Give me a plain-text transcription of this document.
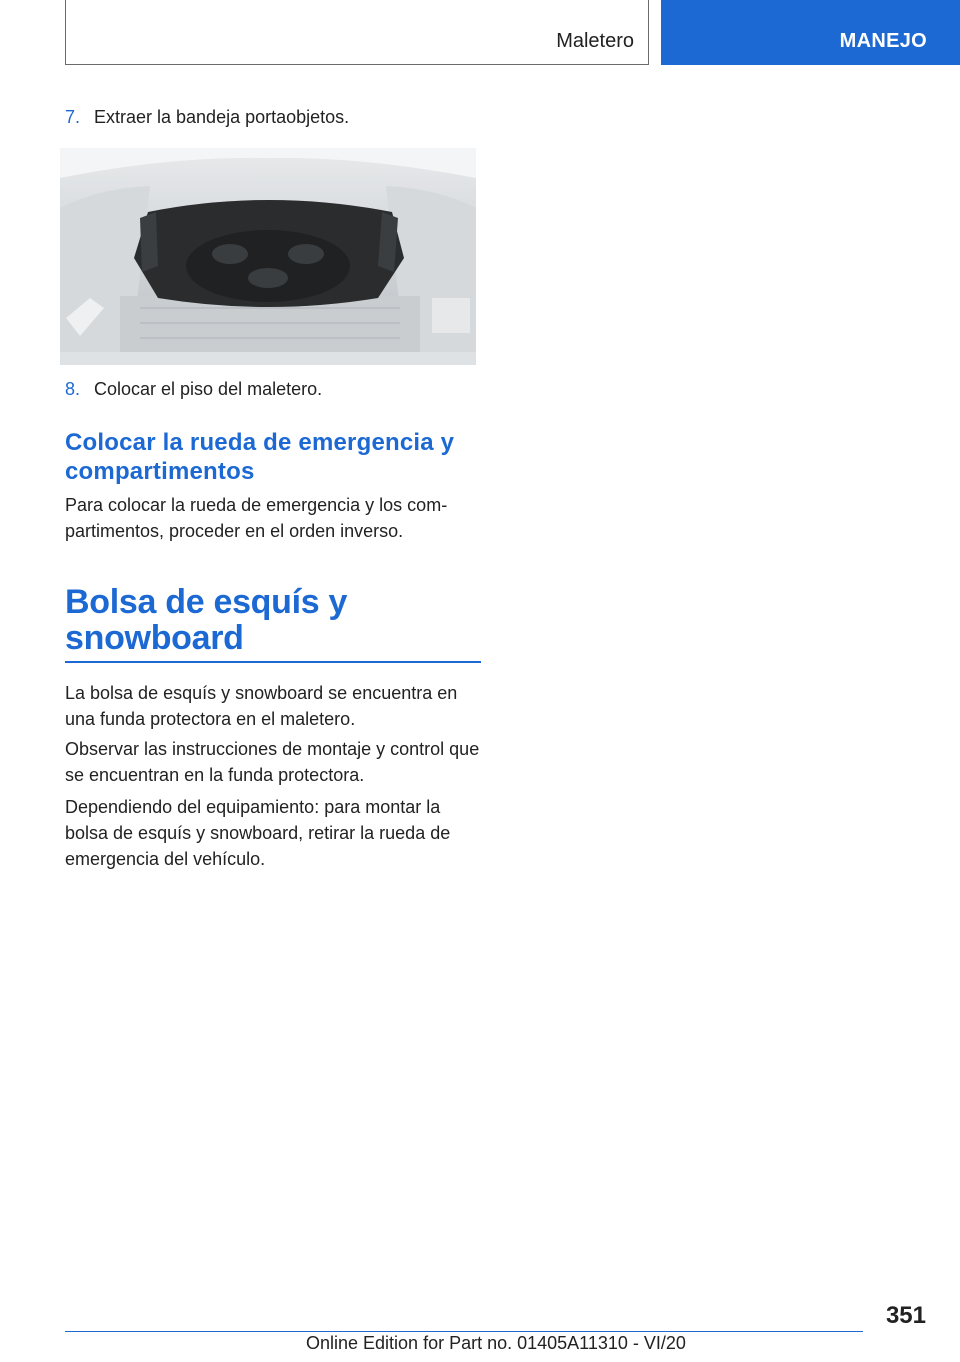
Maletero	MANEJO
7. Extraer la bandeja portaobjetos.
8. Colocar el piso del maletero.
Colocar la rueda de emergencia y compartimentos

Para colocar la rueda de emergencia y los com‐ partimentos, proceder en el orden inverso.

Bolsa de esquís y snowboard

La bolsa de esquís y snowboard se encuentra en una funda protectora en el maletero.

Observar las instrucciones de montaje y control que se encuentran en la funda protectora.

Dependiendo del equipamiento: para montar la bolsa de esquís y snowboard, retirar la rueda de emergencia del vehículo.

351
Online Edition for Part no. 01405A11310 - VI/20
